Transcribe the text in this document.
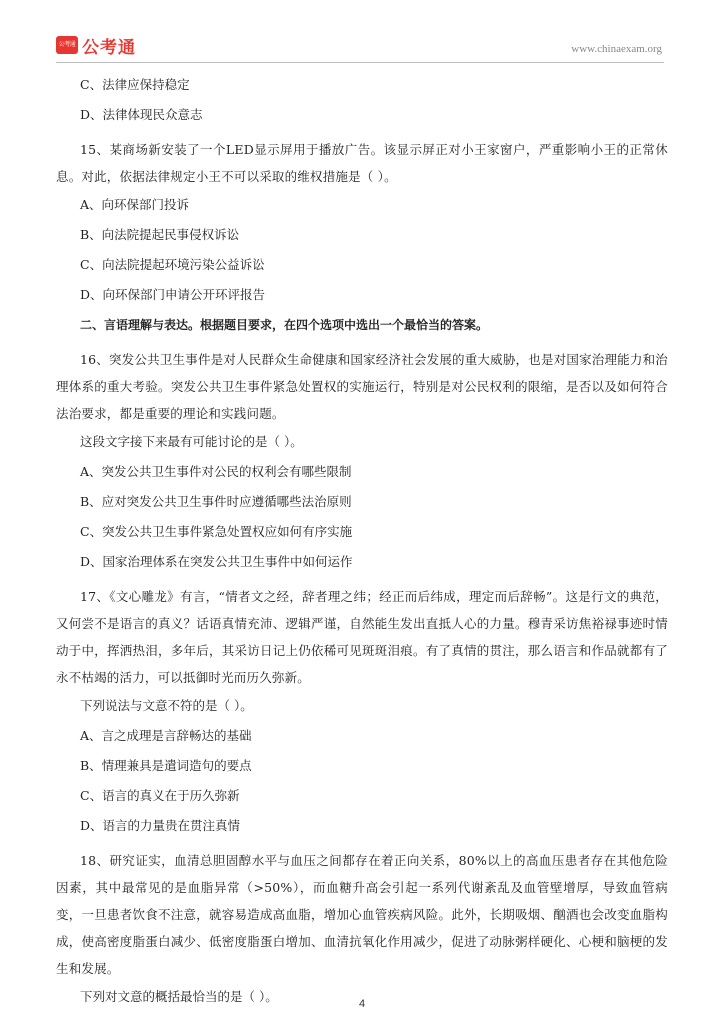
公考通 公考通	www.chinaexam.org

C、法律应保持稳定

D、法律体现民众意志

15、某商场新安装了一个LED显示屏用于播放广告。该显示屏正对小王家窗户，严重影响小王的正常休息。对此，依据法律规定小王不可以采取的维权措施是（ ）。

A、向环保部门投诉

B、向法院提起民事侵权诉讼

C、向法院提起环境污染公益诉讼

D、向环保部门申请公开环评报告

二、言语理解与表达。根据题目要求，在四个选项中选出一个最恰当的答案。

16、突发公共卫生事件是对人民群众生命健康和国家经济社会发展的重大威胁，也是对国家治理能力和治理体系的重大考验。突发公共卫生事件紧急处置权的实施运行，特别是对公民权利的限缩，是否以及如何符合法治要求，都是重要的理论和实践问题。

这段文字接下来最有可能讨论的是（ ）。

A、突发公共卫生事件对公民的权利会有哪些限制

B、应对突发公共卫生事件时应遵循哪些法治原则

C、突发公共卫生事件紧急处置权应如何有序实施

D、国家治理体系在突发公共卫生事件中如何运作

17、《文心雕龙》有言，“情者文之经，辞者理之纬；经正而后纬成，理定而后辞畅”。这是行文的典范，又何尝不是语言的真义？话语真情充沛、逻辑严谨，自然能生发出直抵人心的力量。穆青采访焦裕禄事迹时情动于中，挥洒热泪，多年后，其采访日记上仍依稀可见斑斑泪痕。有了真情的贯注，那么语言和作品就都有了永不枯竭的活力，可以抵御时光而历久弥新。

下列说法与文意不符的是（ ）。

A、言之成理是言辞畅达的基础

B、情理兼具是遣词造句的要点

C、语言的真义在于历久弥新

D、语言的力量贵在贯注真情

18、研究证实，血清总胆固醇水平与血压之间都存在着正向关系，80%以上的高血压患者存在其他危险因素，其中最常见的是血脂异常（>50%），而血糖升高会引起一系列代谢紊乱及血管壁增厚，导致血管病变，一旦患者饮食不注意，就容易造成高血脂，增加心血管疾病风险。此外，长期吸烟、酗酒也会改变血脂构成，使高密度脂蛋白减少、低密度脂蛋白增加、血清抗氧化作用减少，促进了动脉粥样硬化、心梗和脑梗的发生和发展。

下列对文意的概括最恰当的是（ ）。	4
